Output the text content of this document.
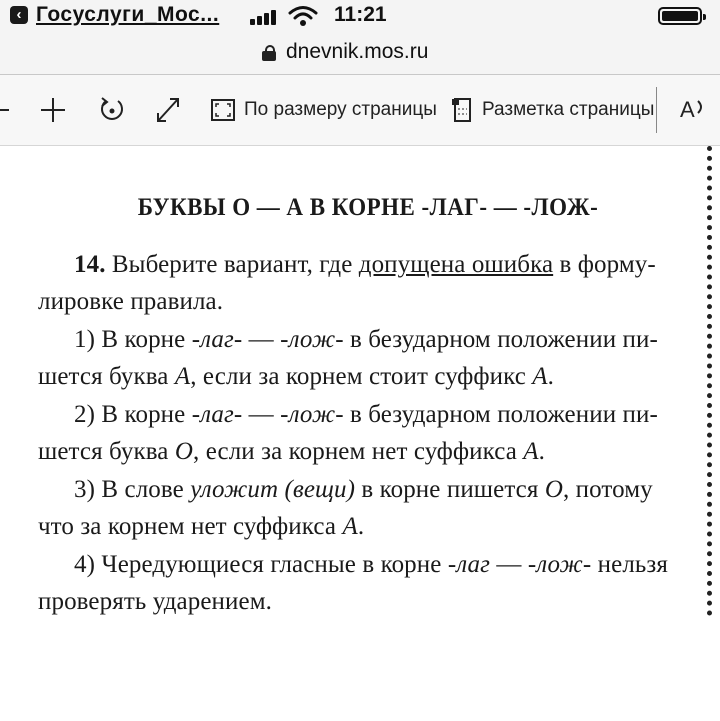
‹ Госуслуги_Мос...	11:21
dnevnik.mos.ru
По размеру страницы Разметка страницы A
БУКВЫ О — А В КОРНЕ -ЛАГ- — -ЛОЖ-
14. Выберите вариант, где допущена ошибка в форму-
лировке правила.
1) В корне -лаг- — -лож- в безударном положении пи-
шется буква А, если за корнем стоит суффикс А.
2) В корне -лаг- — -лож- в безударном положении пи-
шется буква О, если за корнем нет суффикса А.
3) В слове уложит (вещи) в корне пишется О, потому
что за корнем нет суффикса А.
4) Чередующиеся гласные в корне -лаг — -лож- нельзя
проверять ударением.
